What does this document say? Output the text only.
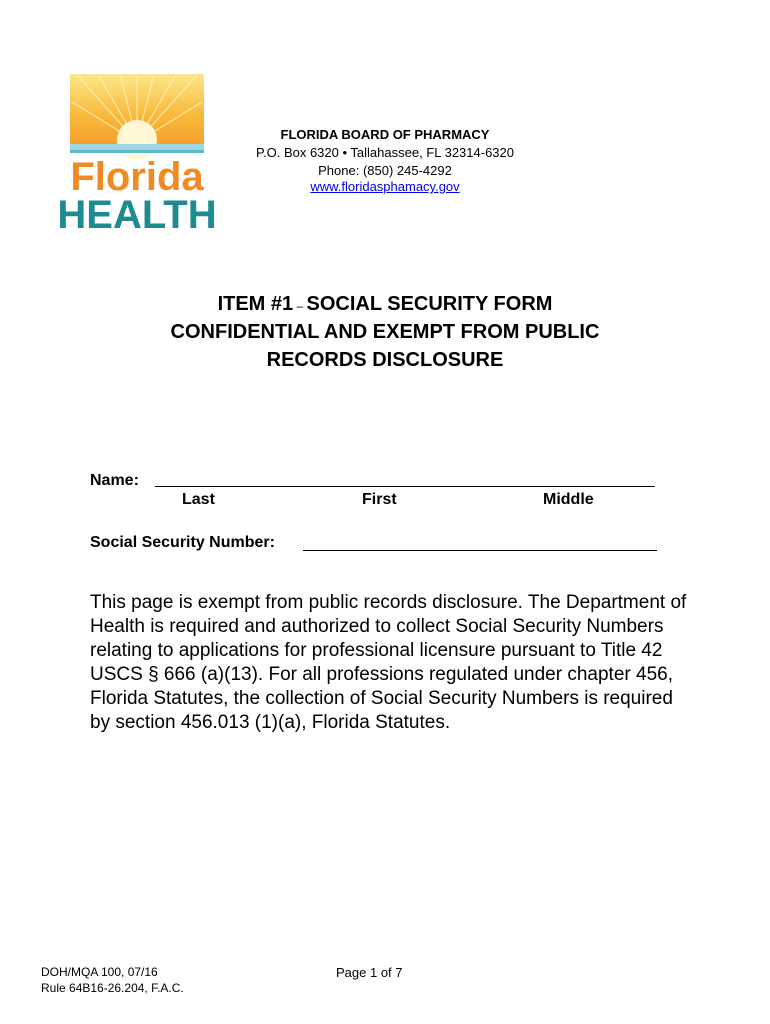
Florida
HEALTH
FLORIDA BOARD OF PHARMACY
P.O. Box 6320 • Tallahassee, FL 32314-6320
Phone: (850) 245-4292
www.floridasphamacy.gov
ITEM #1 – SOCIAL SECURITY FORM
CONFIDENTIAL AND EXEMPT FROM PUBLIC
RECORDS DISCLOSURE
Name:
Last	First	Middle
Social Security Number:
This page is exempt from public records disclosure. The Department of Health is required and authorized to collect Social Security Numbers relating to applications for professional licensure pursuant to Title 42 USCS § 666 (a)(13). For all professions regulated under chapter 456, Florida Statutes, the collection of Social Security Numbers is required by section 456.013 (1)(a), Florida Statutes.
DOH/MQA 100, 07/16
Rule 64B16-26.204, F.A.C.
Page 1 of 7
